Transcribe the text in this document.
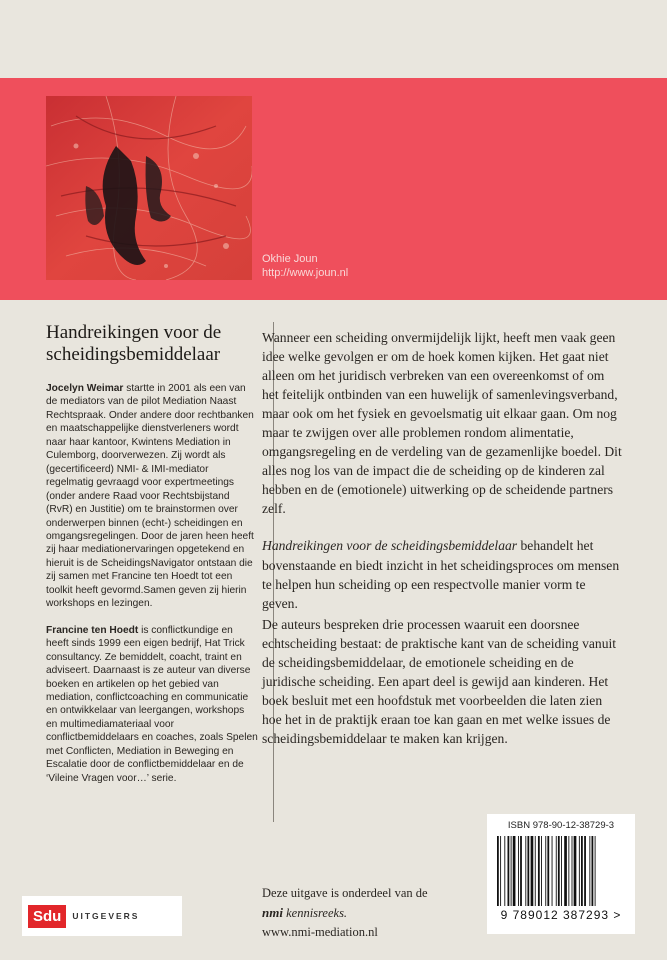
Okhie Joun
http://www.joun.nl
Handreikingen voor de scheidingsbemiddelaar

Jocelyn Weimar startte in 2001 als een van de mediators van de pilot Mediation Naast Rechtspraak. Onder andere door rechtbanken en maatschappelijke dienstverleners wordt naar haar kantoor, Kwintens Mediation in Culemborg, doorverwezen. Zij wordt als (gecertificeerd) NMI- & IMI-mediator regelmatig gevraagd voor expertmeetings (onder andere Raad voor Rechtsbijstand (RvR) en Justitie) om te brainstormen over onderwerpen binnen (echt-) scheidingen en omgangsregelingen. Door de jaren heen heeft zij haar mediationervaringen opgetekend en hieruit is de ScheidingsNavigator ontstaan die zij samen met Francine ten Hoedt tot een toolkit heeft gevormd.Samen geven zij hierin workshops en lezingen.

Francine ten Hoedt is conflictkundige en heeft sinds 1999 een eigen bedrijf, Hat Trick consultancy. Ze bemiddelt, coacht, traint en adviseert. Daarnaast is ze auteur van diverse boeken en artikelen op het gebied van mediation, conflictcoaching en communicatie en ontwikkelaar van leergangen, workshops en multimediamateriaal voor conflictbemiddelaars en coaches, zoals Spelen met Conflicten, Mediation in Beweging en Escalatie door de conflictbemiddelaar en de ‘Vileine Vragen voor…’ serie.

Wanneer een scheiding onvermijdelijk lijkt, heeft men vaak geen idee welke gevolgen er om de hoek komen kijken. Het gaat niet alleen om het juridisch verbreken van een overeenkomst of om het feitelijk ontbinden van een huwelijk of samenlevingsverband, maar ook om het fysiek en gevoelsmatig uit elkaar gaan. Om nog maar te zwijgen over alle problemen rondom alimentatie, omgangsregeling en de verdeling van de gezamenlijke boedel. Dit alles nog los van de impact die de scheiding op de kinderen zal hebben en de (emotionele) uitwerking op de scheidende partners zelf.

Handreikingen voor de scheidingsbemiddelaar behandelt het bovenstaande en biedt inzicht in het scheidingsproces om mensen te helpen hun scheiding op een respectvolle manier vorm te geven.

De auteurs bespreken drie processen waaruit een doorsnee echtscheiding bestaat: de praktische kant van de scheiding vanuit de scheidingsbemiddelaar, de emotionele scheiding en de juridische scheiding. Een apart deel is gewijd aan kinderen. Het boek besluit met een hoofdstuk met voorbeelden die laten zien hoe het in de praktijk eraan toe kan gaan en met welke issues de scheidingsbemiddelaar te maken kan krijgen.

ISBN 978-90-12-38729-3
9 789012 387293 >
Sdu	UITGEVERS
Deze uitgave is onderdeel van de
nmi kennisreeks.
www.nmi-mediation.nl
